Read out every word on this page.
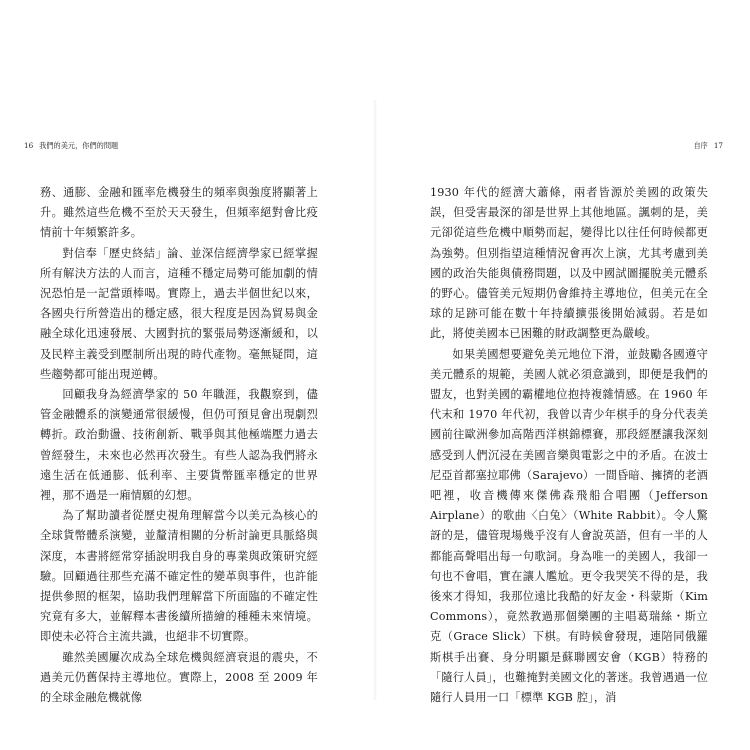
16 我們的美元，你們的問題

務、通膨、金融和匯率危機發生的頻率與強度將顯著上升。雖然這些危機不至於天天發生，但頻率絕對會比疫情前十年頻繁許多。

對信奉「歷史終結」論、並深信經濟學家已經掌握所有解決方法的人而言，這種不穩定局勢可能加劇的情況恐怕是一記當頭棒喝。實際上，過去半個世紀以來，各國央行所營造出的穩定感，很大程度是因為貿易與金融全球化迅速發展、大國對抗的緊張局勢逐漸緩和，以及民粹主義受到壓制所出現的時代產物。毫無疑問，這些趨勢都可能出現逆轉。

回顧我身為經濟學家的 50 年職涯，我觀察到，儘管金融體系的演變通常很緩慢，但仍可預見會出現劇烈轉折。政治動盪、技術創新、戰爭與其他極端壓力過去曾經發生，未來也必然再次發生。有些人認為我們將永遠生活在低通膨、低利率、主要貨幣匯率穩定的世界裡，那不過是一廂情願的幻想。

為了幫助讀者從歷史視角理解當今以美元為核心的全球貨幣體系演變，並釐清相關的分析討論更具脈絡與深度，本書將經常穿插說明我自身的專業與政策研究經驗。回顧過往那些充滿不確定性的變革與事件，也許能提供參照的框架，協助我們理解當下所面臨的不確定性究竟有多大，並解釋本書後續所描繪的種種未來情境。即使未必符合主流共識，也絕非不切實際。

雖然美國屢次成為全球危機與經濟衰退的震央，不過美元仍舊保持主導地位。實際上，2008 至 2009 年的全球金融危機就像

自序 17

1930 年代的經濟大蕭條，兩者皆源於美國的政策失誤，但受害最深的卻是世界上其他地區。諷刺的是，美元卻從這些危機中順勢而起，變得比以往任何時候都更為強勢。但別指望這種情況會再次上演，尤其考慮到美國的政治失能與債務問題，以及中國試圖擺脫美元體系的野心。儘管美元短期仍會維持主導地位，但美元在全球的足跡可能在數十年持續擴張後開始減弱。若是如此，將使美國本已困難的財政調整更為嚴峻。

如果美國想要避免美元地位下滑，並鼓勵各國遵守美元體系的規範，美國人就必須意識到，即便是我們的盟友，也對美國的霸權地位抱持複雜情感。在 1960 年代末和 1970 年代初，我曾以青少年棋手的身分代表美國前往歐洲參加高階西洋棋錦標賽，那段經歷讓我深刻感受到人們沉浸在美國音樂與電影之中的矛盾。在波士尼亞首都塞拉耶佛（Sarajevo）一間昏暗、擁擠的老酒吧裡，收音機傳來傑佛森飛船合唱團（Jefferson Airplane）的歌曲〈白兔〉（White Rabbit）。令人驚訝的是，儘管現場幾乎沒有人會說英語，但有一半的人都能高聲唱出每一句歌詞。身為唯一的美國人，我卻一句也不會唱，實在讓人尷尬。更令我哭笑不得的是，我後來才得知，我那位遠比我酷的好友金・科蒙斯（Kim Commons），竟然教過那個樂團的主唱葛瑞絲・斯立克（Grace Slick）下棋。有時候會發現，連陪同俄羅斯棋手出賽、身分明顯是蘇聯國安會（KGB）特務的「隨行人員」，也難掩對美國文化的著迷。我曾遇過一位隨行人員用一口「標準 KGB 腔」，消
